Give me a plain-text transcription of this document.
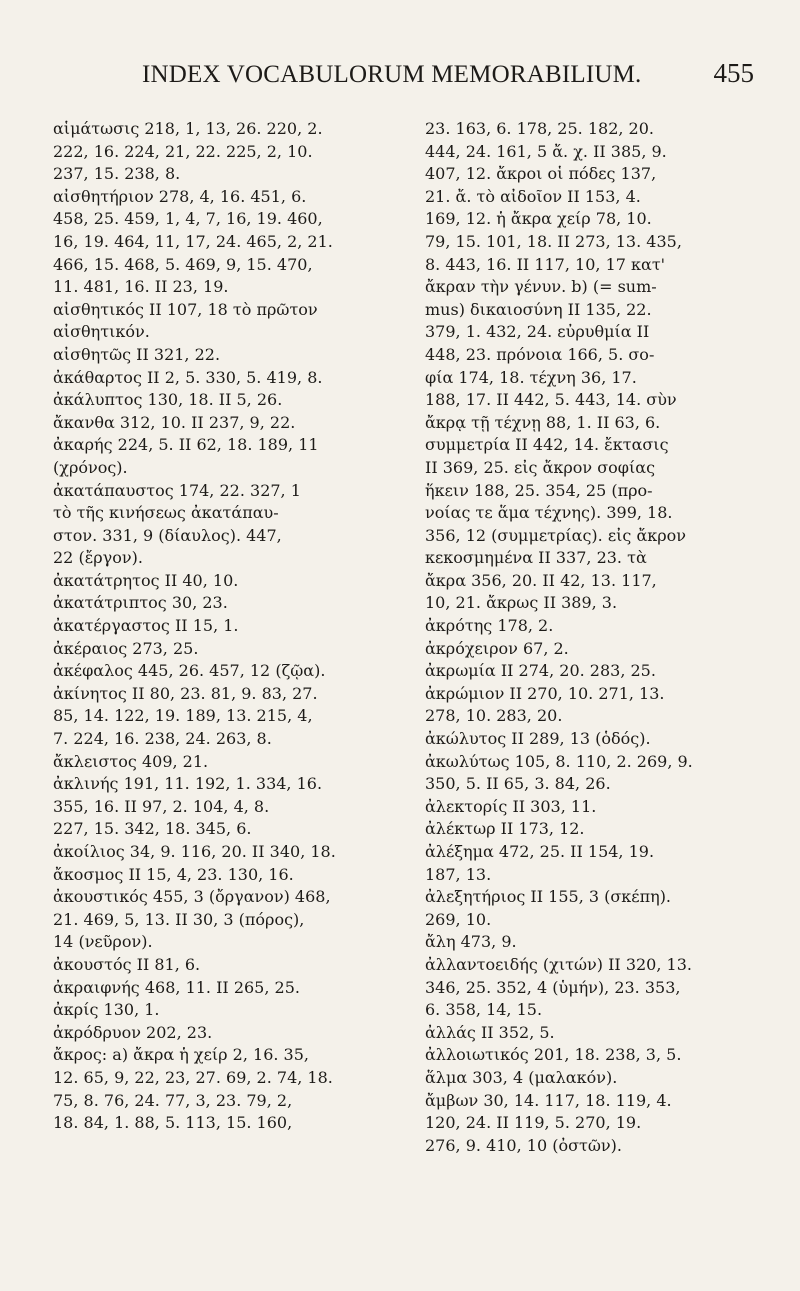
INDEX VOCABULORUM MEMORABILIUM.	455
αἱμάτωσις 218, 1, 13, 26. 220, 2.
222, 16. 224, 21, 22. 225, 2, 10.
237, 15. 238, 8.
αἰσθητήριον 278, 4, 16. 451, 6.
458, 25. 459, 1, 4, 7, 16, 19. 460,
16, 19. 464, 11, 17, 24. 465, 2, 21.
466, 15. 468, 5. 469, 9, 15. 470,
11. 481, 16. II 23, 19.
αἰσθητικός II 107, 18 τὸ πρῶτον
αἰσθητικόν.
αἰσθητῶς II 321, 22.
ἀκάθαρτος II 2, 5. 330, 5. 419, 8.
ἀκάλυπτος 130, 18. II 5, 26.
ἄκανθα 312, 10. II 237, 9, 22.
ἀκαρής 224, 5. II 62, 18. 189, 11
(χρόνος).
ἀκατάπαυστος 174, 22. 327, 1
τὸ τῆς κινήσεως ἀκατάπαυ-
στον. 331, 9 (δίαυλος). 447,
22 (ἔργον).
ἀκατάτρητος II 40, 10.
ἀκατάτριπτος 30, 23.
ἀκατέργαστος II 15, 1.
ἀκέραιος 273, 25.
ἀκέφαλος 445, 26. 457, 12 (ζῷα).
ἀκίνητος II 80, 23. 81, 9. 83, 27.
85, 14. 122, 19. 189, 13. 215, 4,
7. 224, 16. 238, 24. 263, 8.
ἄκλειστος 409, 21.
ἀκλινής 191, 11. 192, 1. 334, 16.
355, 16. II 97, 2. 104, 4, 8.
227, 15. 342, 18. 345, 6.
ἀκοίλιος 34, 9. 116, 20. II 340, 18.
ἄκοσμος II 15, 4, 23. 130, 16.
ἀκουστικός 455, 3 (ὄργανον) 468,
21. 469, 5, 13. II 30, 3 (πόρος),
14 (νεῦρον).
ἀκουστός II 81, 6.
ἀκραιφνής 468, 11. II 265, 25.
ἀκρίς 130, 1.
ἀκρόδρυον 202, 23.
ἄκρος: a) ἄκρα ἡ χείρ 2, 16. 35,
12. 65, 9, 22, 23, 27. 69, 2. 74, 18.
75, 8. 76, 24. 77, 3, 23. 79, 2,
18. 84, 1. 88, 5. 113, 15. 160,
23. 163, 6. 178, 25. 182, 20.
444, 24. 161, 5 ἄ. χ. II 385, 9.
407, 12. ἄκροι οἱ πόδες 137,
21. ἄ. τὸ αἰδοῖον II 153, 4.
169, 12. ἡ ἄκρα χείρ 78, 10.
79, 15. 101, 18. II 273, 13. 435,
8. 443, 16. II 117, 10, 17 κατ'
ἄκραν τὴν γένυν. b) (= sum-
mus) δικαιοσύνη II 135, 22.
379, 1. 432, 24. εὐρυθμία II
448, 23. πρόνοια 166, 5. σο-
φία 174, 18. τέχνη 36, 17.
188, 17. II 442, 5. 443, 14. σὺν
ἄκρᾳ τῇ τέχνῃ 88, 1. II 63, 6.
συμμετρία II 442, 14. ἔκτασις
II 369, 25. εἰς ἄκρον σοφίας
ἥκειν 188, 25. 354, 25 (προ-
νοίας τε ἅμα τέχνης). 399, 18.
356, 12 (συμμετρίας). εἰς ἄκρον
κεκοσμημένα II 337, 23. τὰ
ἄκρα 356, 20. II 42, 13. 117,
10, 21. ἄκρως II 389, 3.
ἀκρότης 178, 2.
ἀκρόχειρον 67, 2.
ἀκρωμία II 274, 20. 283, 25.
ἀκρώμιον II 270, 10. 271, 13.
278, 10. 283, 20.
ἀκώλυτος II 289, 13 (ὁδός).
ἀκωλύτως 105, 8. 110, 2. 269, 9.
350, 5. II 65, 3. 84, 26.
ἀλεκτορίς II 303, 11.
ἀλέκτωρ II 173, 12.
ἀλέξημα 472, 25. II 154, 19.
187, 13.
ἀλεξητήριος II 155, 3 (σκέπη).
269, 10.
ἄλη 473, 9.
ἀλλαντοειδής (χιτών) II 320, 13.
346, 25. 352, 4 (ὑμήν), 23. 353,
6. 358, 14, 15.
ἀλλάς II 352, 5.
ἀλλοιωτικός 201, 18. 238, 3, 5.
ἅλμα 303, 4 (μαλακόν).
ἄμβων 30, 14. 117, 18. 119, 4.
120, 24. II 119, 5. 270, 19.
276, 9. 410, 10 (ὀστῶν).
